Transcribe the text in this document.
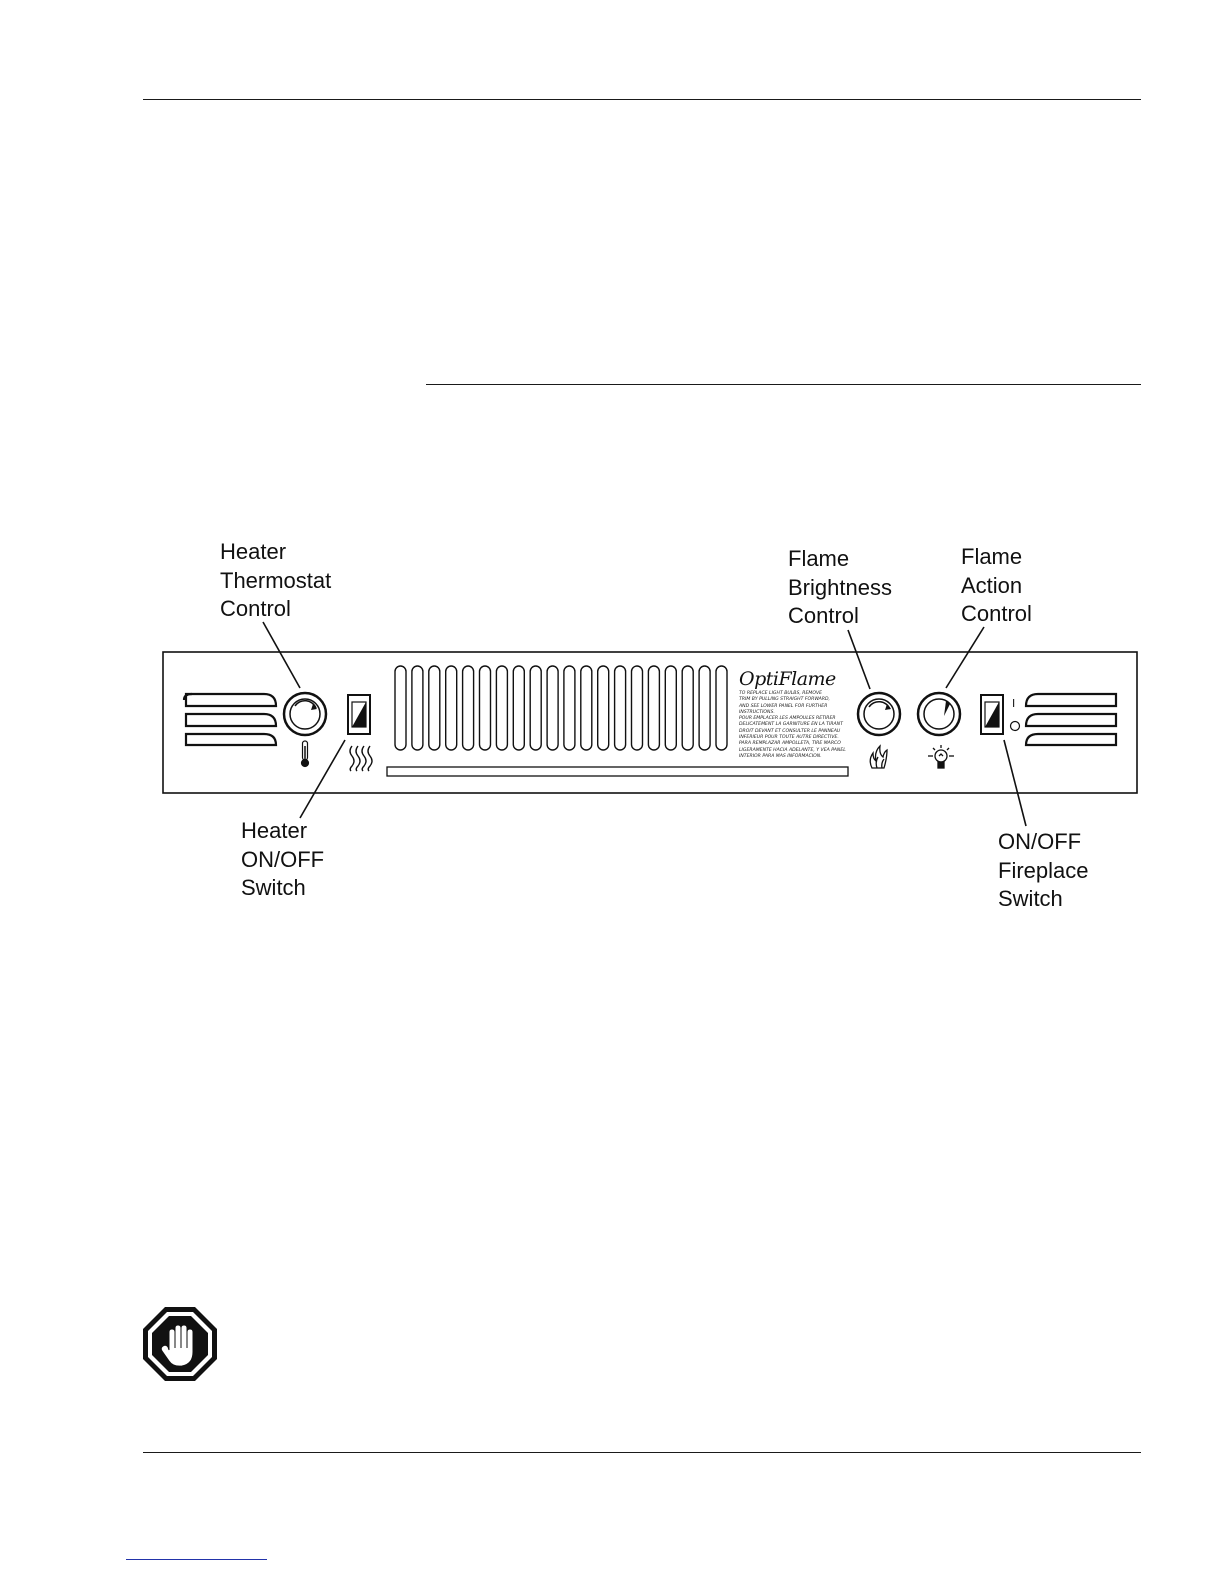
I
OptiFlame
TO REPLACE LIGHT BULBS, REMOVE
TRIM BY PULLING STRAIGHT FORWARD,
AND SEE LOWER PANEL FOR FURTHER
INSTRUCTIONS.
POUR EMPLACER LES AMPOULES RETIRER
DELICATEMENT LA GARNITURE EN LA TIRANT
DROIT DEVANT ET CONSULTER LE PANNEAU
INFERIEUR POUR TOUTE AUTRE DIRECTIVE.
PARA REMPLAZAR AMPOLLETA, TIRE MARCO
LIGERAMENTE HACIA ADELANTE, Y VEA PANEL
INTERIOR PARA MAS INFORMACION.
Heater
Thermostat
Control
Flame
Brightness
Control
Flame
Action
Control
Heater
ON/OFF
Switch
ON/OFF
Fireplace
Switch
